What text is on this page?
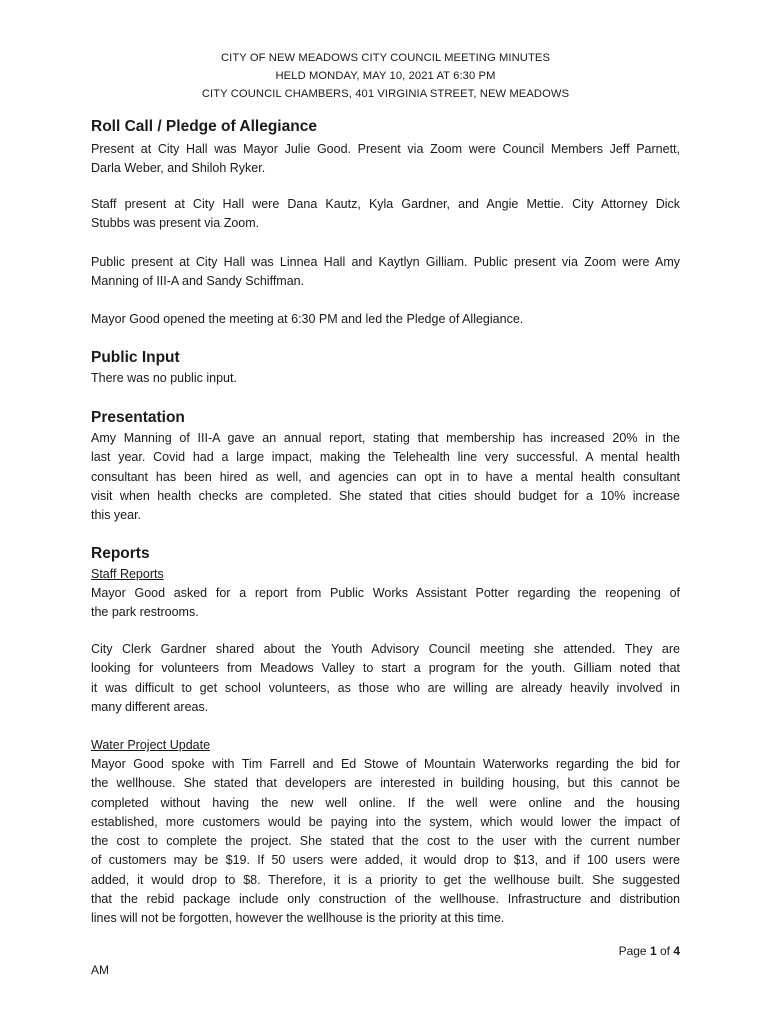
CITY OF NEW MEADOWS CITY COUNCIL MEETING MINUTES
HELD MONDAY, MAY 10, 2021 AT 6:30 PM
CITY COUNCIL CHAMBERS, 401 VIRGINIA STREET, NEW MEADOWS
Roll Call / Pledge of Allegiance
Present at City Hall was Mayor Julie Good. Present via Zoom were Council Members Jeff Parnett,
Darla Weber, and Shiloh Ryker.
Staff present at City Hall were Dana Kautz, Kyla Gardner, and Angie Mettie. City Attorney Dick
Stubbs was present via Zoom.
Public present at City Hall was Linnea Hall and Kaytlyn Gilliam. Public present via Zoom were Amy
Manning of III-A and Sandy Schiffman.
Mayor Good opened the meeting at 6:30 PM and led the Pledge of Allegiance.
Public Input
There was no public input.
Presentation
Amy Manning of III-A gave an annual report, stating that membership has increased 20% in the
last year. Covid had a large impact, making the Telehealth line very successful. A mental health
consultant has been hired as well, and agencies can opt in to have a mental health consultant
visit when health checks are completed. She stated that cities should budget for a 10% increase
this year.
Reports
Staff Reports
Mayor Good asked for a report from Public Works Assistant Potter regarding the reopening of
the park restrooms.
City Clerk Gardner shared about the Youth Advisory Council meeting she attended. They are
looking for volunteers from Meadows Valley to start a program for the youth. Gilliam noted that
it was difficult to get school volunteers, as those who are willing are already heavily involved in
many different areas.
Water Project Update
Mayor Good spoke with Tim Farrell and Ed Stowe of Mountain Waterworks regarding the bid for
the wellhouse. She stated that developers are interested in building housing, but this cannot be
completed without having the new well online. If the well were online and the housing
established, more customers would be paying into the system, which would lower the impact of
the cost to complete the project. She stated that the cost to the user with the current number
of customers may be $19. If 50 users were added, it would drop to $13, and if 100 users were
added, it would drop to $8. Therefore, it is a priority to get the wellhouse built. She suggested
that the rebid package include only construction of the wellhouse. Infrastructure and distribution
lines will not be forgotten, however the wellhouse is the priority at this time.
Page 1 of 4
AM
